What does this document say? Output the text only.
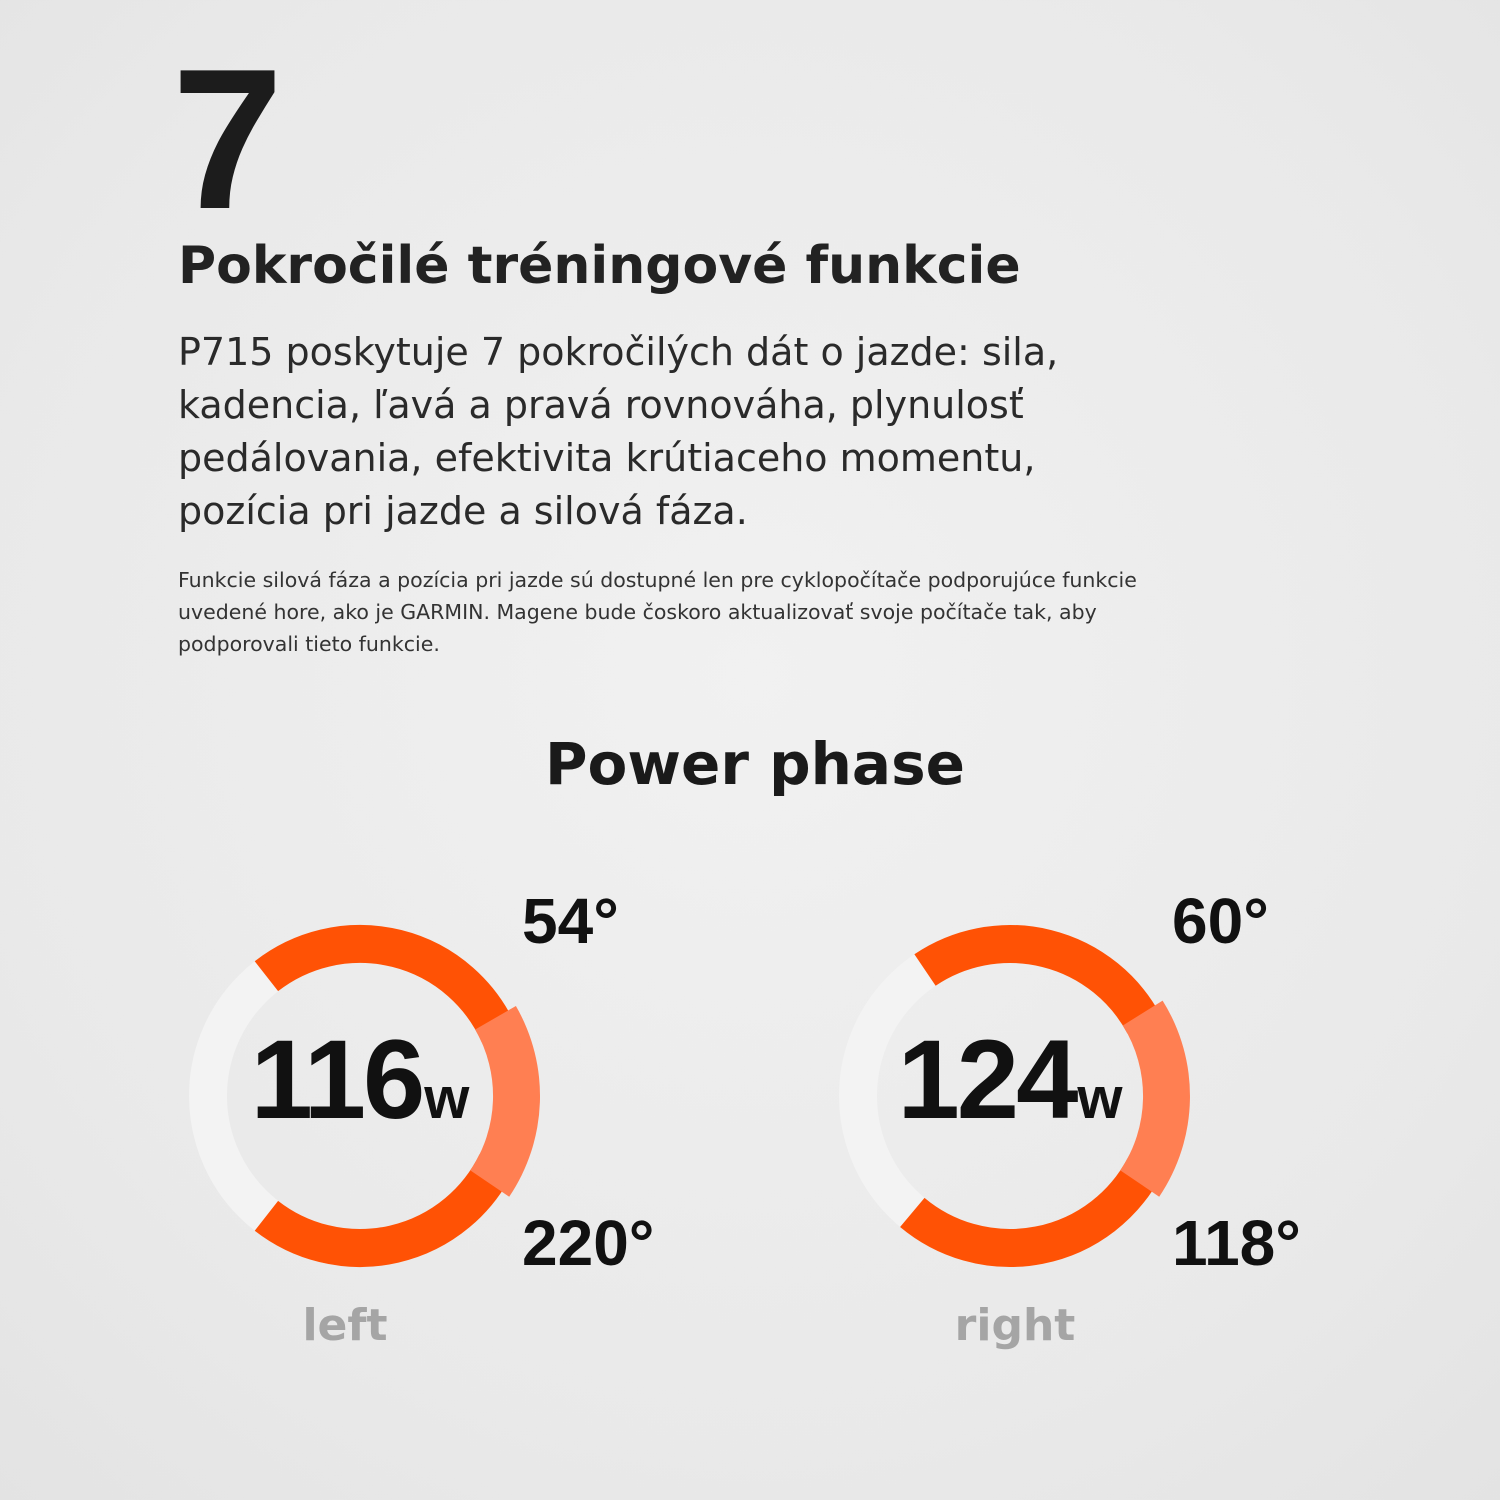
7
Pokročilé tréningové funkcie

P715 poskytuje 7 pokročilých dát o jazde: sila,
kadencia, ľavá a pravá rovnováha, plynulosť
pedálovania, efektivita krútiaceho momentu,
pozícia pri jazde a silová fáza.

Funkcie silová fáza a pozícia pri jazde sú dostupné len pre cyklopočítače podporujúce funkcie
uvedené hore, ako je GARMIN. Magene bude čoskoro aktualizovať svoje počítače tak, aby
podporovali tieto funkcie.

Power phase
116w
54°
220°
left
124w
60°
118°
right
